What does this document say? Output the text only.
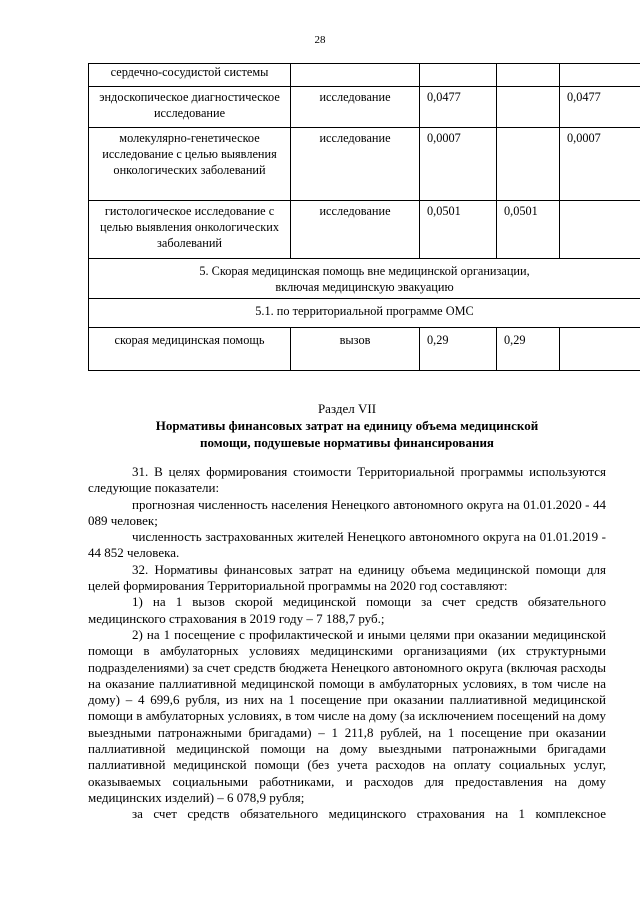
28
сердечно-сосудистой системы				
эндоскопическое диагностическое исследование	исследование	0,0477		0,0477
молекулярно-генетическое исследование с целью выявления онкологических заболеваний	исследование	0,0007		0,0007
гистологическое исследование с целью выявления онкологических заболеваний	исследование	0,0501	0,0501	

5. Скорая медицинская помощь вне медицинской организации,
включая медицинскую эвакуацию				

5.1. по территориальной программе ОМС				
скорая медицинская помощь	вызов	0,29	0,29	
Раздел VII
Нормативы финансовых затрат на единицу объема медицинской
помощи, подушевые нормативы финансирования

31. В целях формирования стоимости Территориальной программы используются следующие показатели:

прогнозная численность населения Ненецкого автономного округа на 01.01.2020 - 44 089 человек;

численность застрахованных жителей Ненецкого автономного округа на 01.01.2019 - 44 852 человека.

32. Нормативы финансовых затрат на единицу объема медицинской помощи для целей формирования Территориальной программы на 2020 год составляют:

1) на 1 вызов скорой медицинской помощи за счет средств обязательного медицинского страхования в 2019 году – 7 188,7 руб.;

2) на 1 посещение с профилактической и иными целями при оказании медицинской помощи в амбулаторных условиях медицинскими организациями (их структурными подразделениями) за счет средств бюджета Ненецкого автономного округа (включая расходы на оказание паллиативной медицинской помощи в амбулаторных условиях, в том числе на дому) – 4 699,6 рубля, из них на 1 посещение при оказании паллиативной медицинской помощи в амбулаторных условиях, в том числе на дому (за исключением посещений на дому выездными патронажными бригадами) – 1 211,8 рублей, на 1 посещение при оказании паллиативной медицинской помощи на дому выездными патронажными бригадами паллиативной медицинской помощи (без учета расходов на оплату социальных услуг, оказываемых социальными работниками, и расходов для предоставления на дому медицинских изделий) – 6 078,9 рубля;

за счет средств обязательного медицинского страхования на 1 комплексное
